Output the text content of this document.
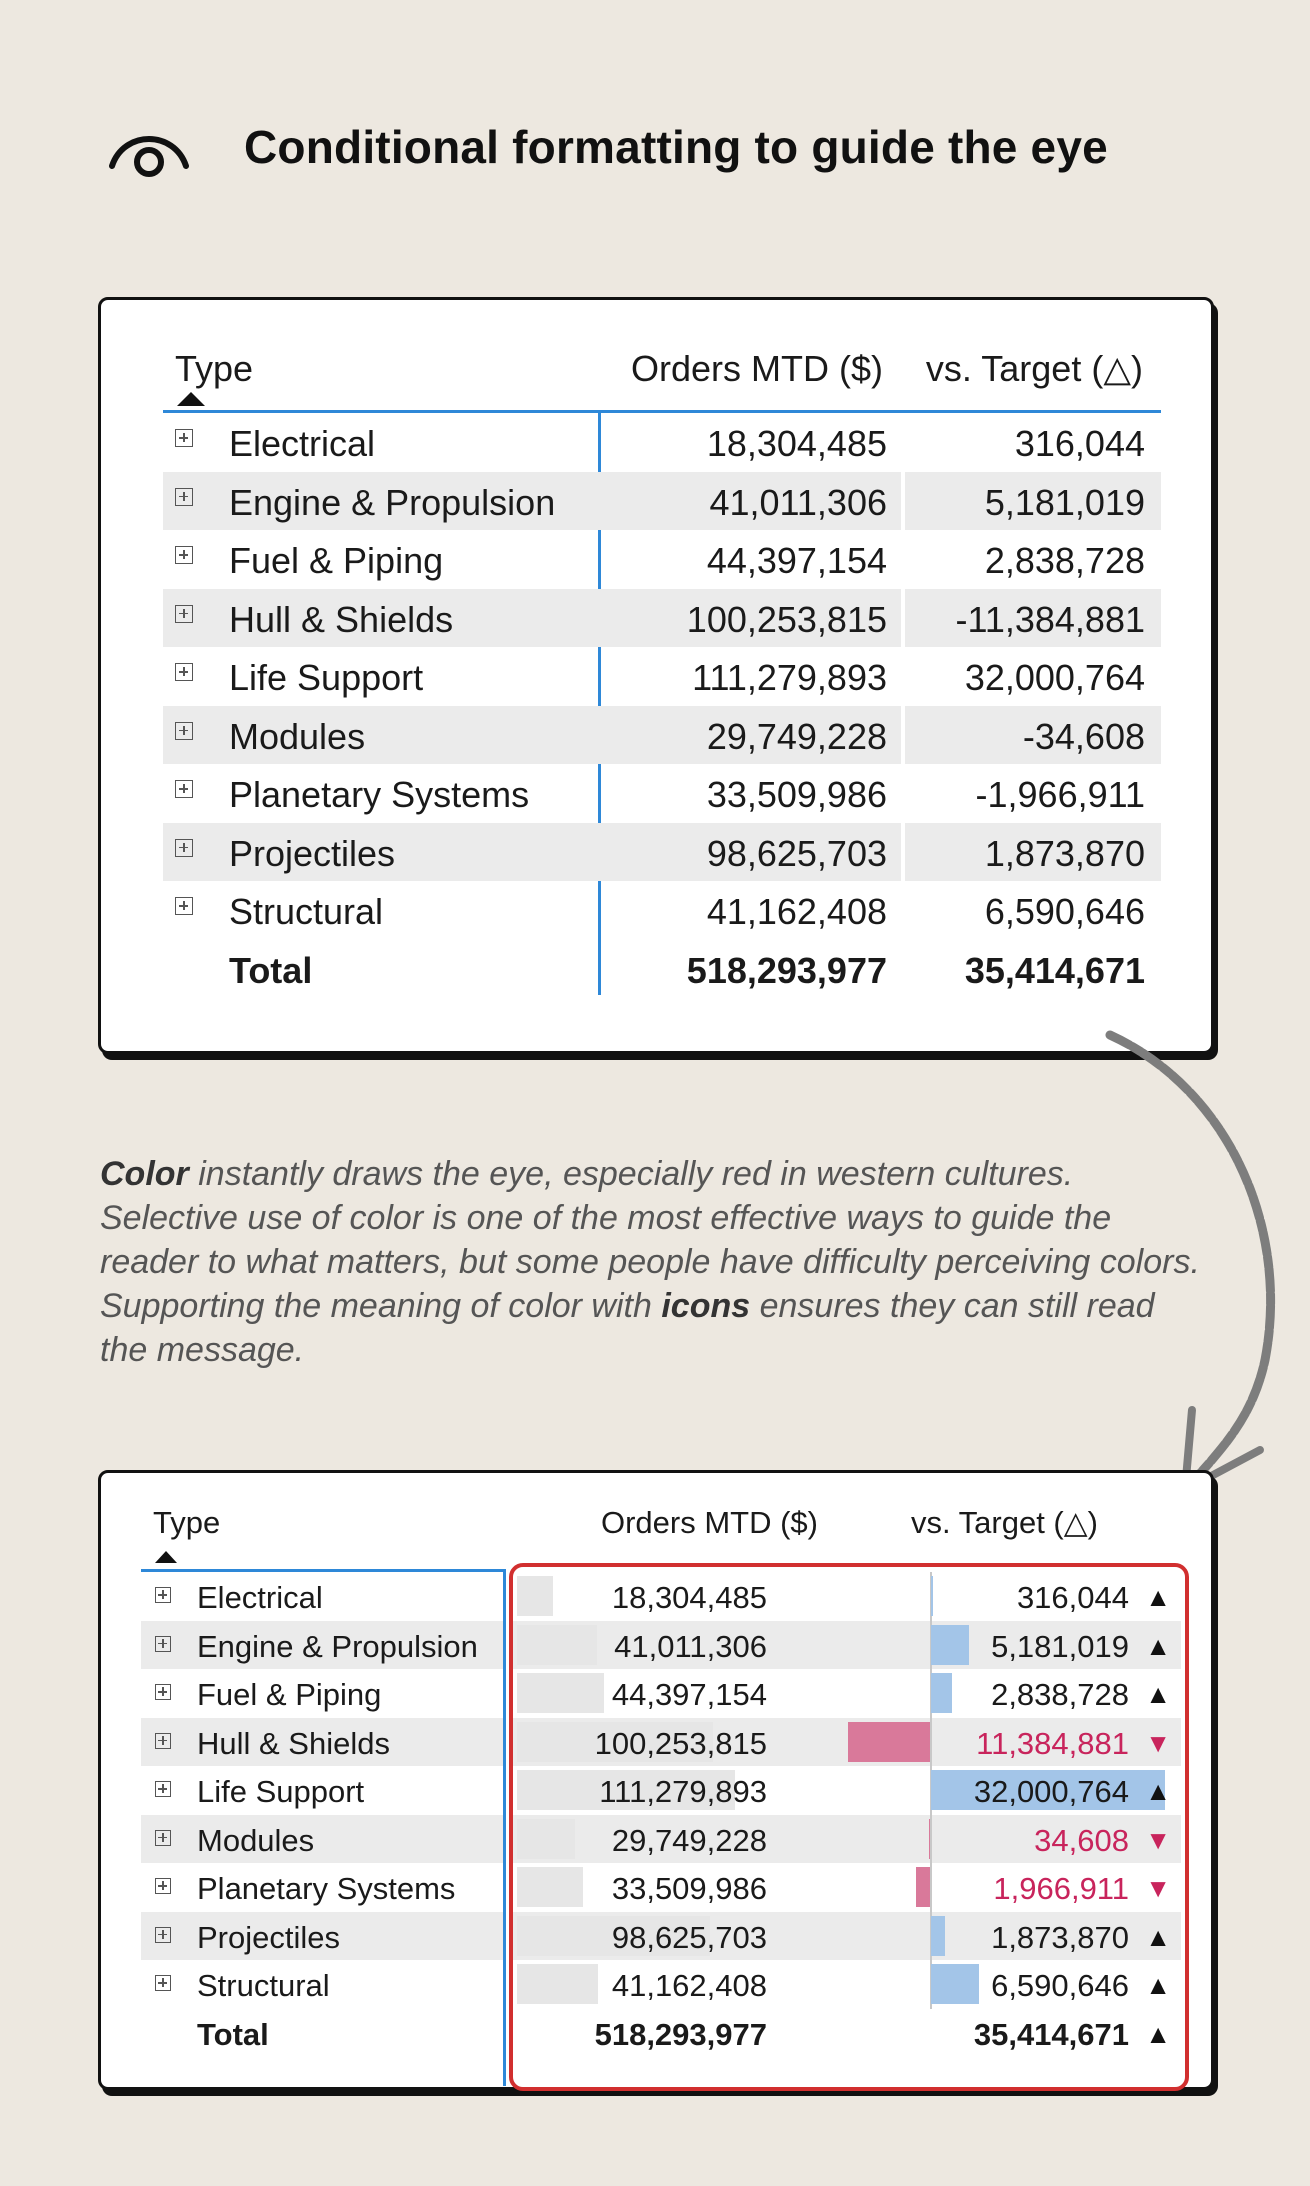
Conditional formatting to guide the eye
Type	Orders MTD ($) vs. Target (△)
Electrical	18,304,485	316,044
Engine & Propulsion	41,011,306	5,181,019
Fuel & Piping	44,397,154	2,838,728
Hull & Shields	100,253,815 -11,384,881
Life Support	111,279,893 32,000,764
Modules	29,749,228	-34,608
Planetary Systems	33,509,986 -1,966,911
Projectiles	98,625,703	1,873,870
Structural	41,162,408	6,590,646
Total	518,293,977 35,414,671

Color instantly draws the eye, especially red in western cultures. Selective use of color is one of the most effective ways to guide the reader to what matters, but some people have difficulty perceiving colors. Supporting the meaning of color with icons ensures they can still read the message.

Type	Orders MTD ($)	vs. Target (△)
Electrical	18,304,485	316,044 ▲
Engine & Propulsion	41,011,306	5,181,019 ▲
Fuel & Piping	44,397,154	2,838,728 ▲
Hull & Shields	100,253,815	11,384,881 ▼
Life Support	111,279,893	32,000,764 ▲
Modules	29,749,228	34,608 ▼
Planetary Systems	33,509,986	1,966,911 ▼
Projectiles	98,625,703	1,873,870 ▲
Structural	41,162,408	6,590,646 ▲
Total	518,293,977	35,414,671 ▲
